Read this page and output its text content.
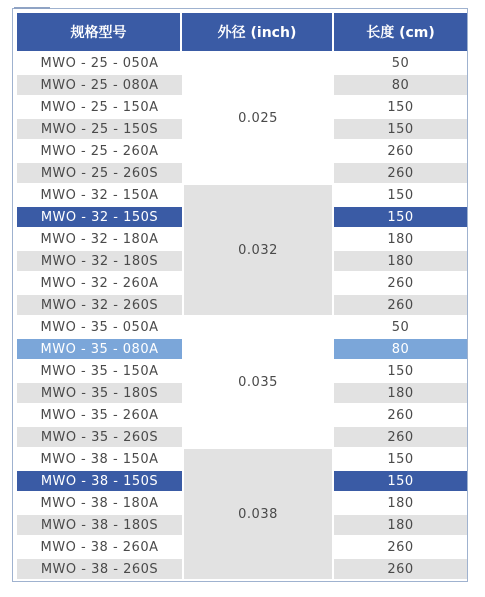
规格型号	外径 (inch)	长度 (cm)
MWO - 25 - 050A	0.025	50
MWO - 25 - 080A		80
MWO - 25 - 150A		150
MWO - 25 - 150S		150
MWO - 25 - 260A		260
MWO - 25 - 260S		260
MWO - 32 - 150A	0.032	150
MWO - 32 - 150S		150
MWO - 32 - 180A		180
MWO - 32 - 180S		180
MWO - 32 - 260A		260
MWO - 32 - 260S		260
MWO - 35 - 050A	0.035	50
MWO - 35 - 080A		80
MWO - 35 - 150A		150
MWO - 35 - 180S		180
MWO - 35 - 260A		260
MWO - 35 - 260S		260
MWO - 38 - 150A	0.038	150
MWO - 38 - 150S		150
MWO - 38 - 180A		180
MWO - 38 - 180S		180
MWO - 38 - 260A		260
MWO - 38 - 260S		260
